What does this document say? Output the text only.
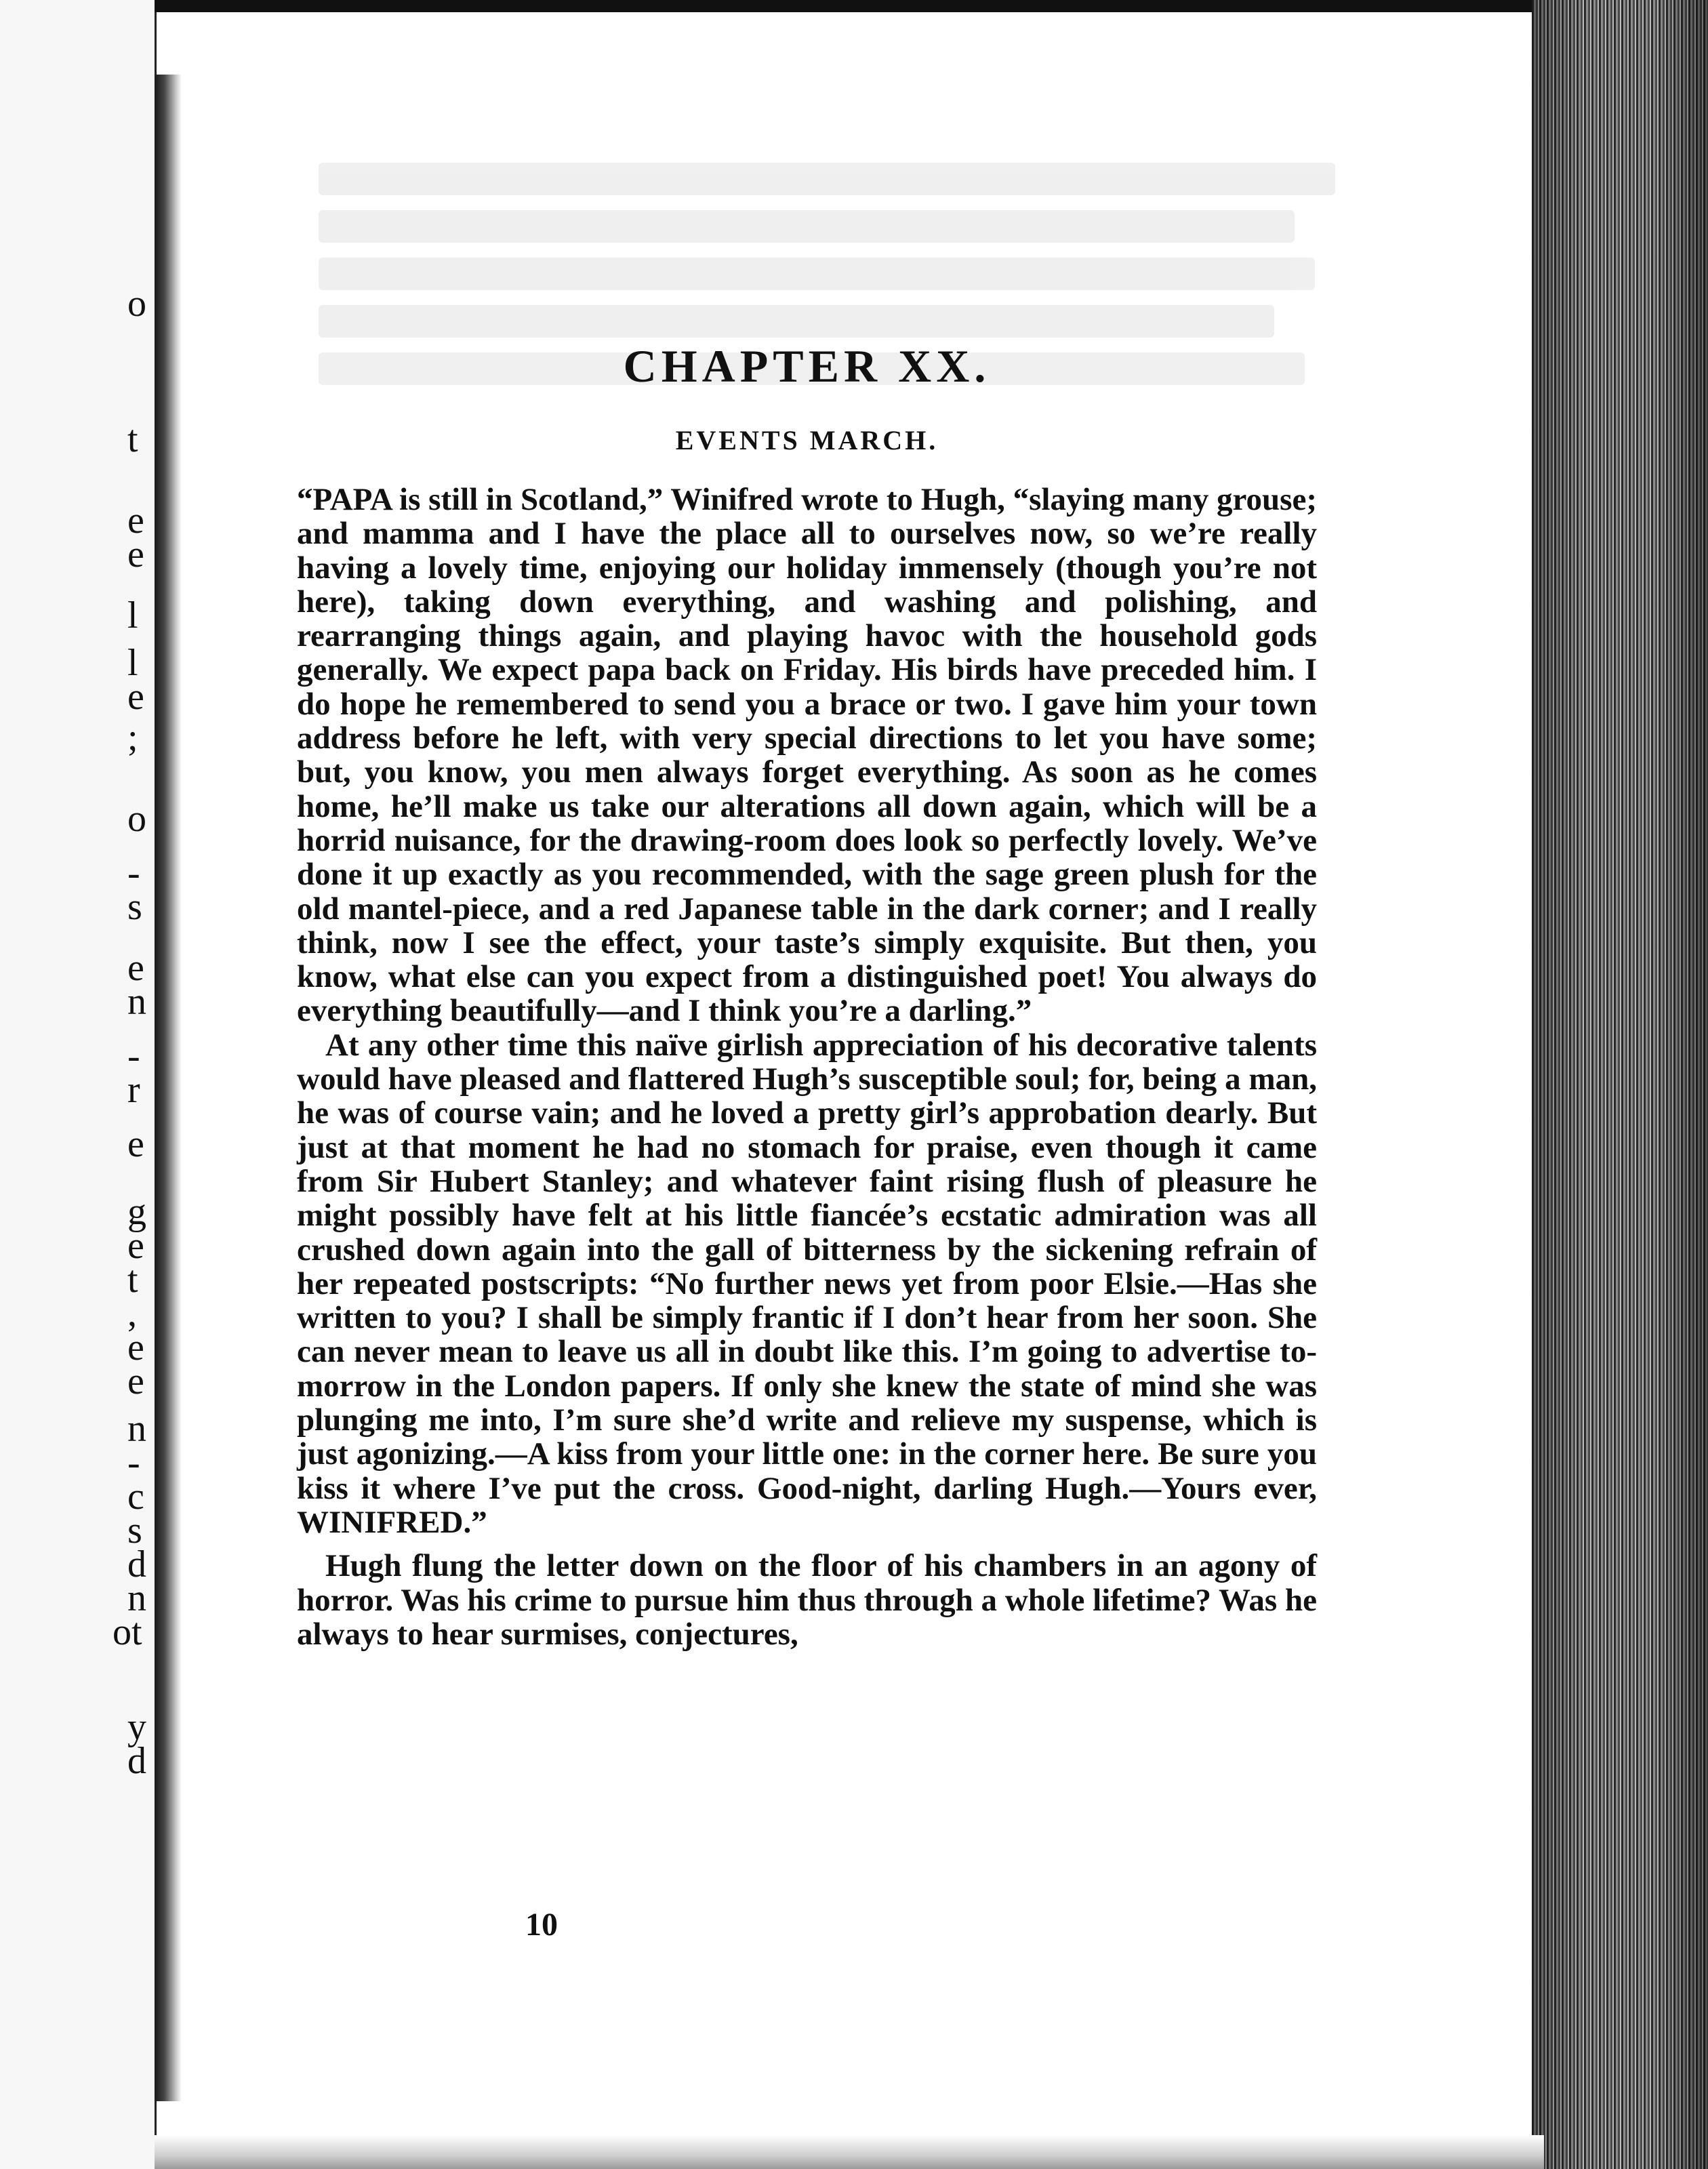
o
t
e
e
l
l
e
;
o
-
s
e
n
-
r
e
g
e
t
,
e
e
n
-
c
s
d
n
ot
y
d
CHAPTER XX.
EVENTS MARCH.

“PAPA is still in Scotland,” Winifred wrote to Hugh, “slaying many grouse; and mamma and I have the place all to ourselves now, so we’re really having a lovely time, enjoying our holiday immensely (though you’re not here), taking down everything, and washing and polishing, and rearranging things again, and playing havoc with the household gods generally. We expect papa back on Friday. His birds have preceded him. I do hope he remembered to send you a brace or two. I gave him your town address before he left, with very special directions to let you have some; but, you know, you men always forget everything. As soon as he comes home, he’ll make us take our alterations all down again, which will be a horrid nuisance, for the drawing-room does look so perfectly lovely. We’ve done it up exactly as you recommended, with the sage green plush for the old mantel-piece, and a red Japanese table in the dark corner; and I really think, now I see the effect, your taste’s simply exquisite. But then, you know, what else can you expect from a distinguished poet! You always do everything beautifully—and I think you’re a darling.”

At any other time this naïve girlish appreciation of his decorative talents would have pleased and flattered Hugh’s susceptible soul; for, being a man, he was of course vain; and he loved a pretty girl’s approbation dearly. But just at that moment he had no stomach for praise, even though it came from Sir Hubert Stanley; and whatever faint rising flush of pleasure he might possibly have felt at his little fiancée’s ecstatic admiration was all crushed down again into the gall of bitterness by the sickening refrain of her repeated postscripts: “No further news yet from poor Elsie.—Has she written to you? I shall be simply frantic if I don’t hear from her soon. She can never mean to leave us all in doubt like this. I’m going to advertise to-morrow in the London papers. If only she knew the state of mind she was plunging me into, I’m sure she’d write and relieve my suspense, which is just agonizing.—A kiss from your little one: in the corner here. Be sure you kiss it where I’ve put the cross. Good-night, darling Hugh.—Yours ever, WINIFRED.”

Hugh flung the letter down on the floor of his chambers in an agony of horror. Was his crime to pursue him thus through a whole lifetime? Was he always to hear surmises, conjectures,

10
